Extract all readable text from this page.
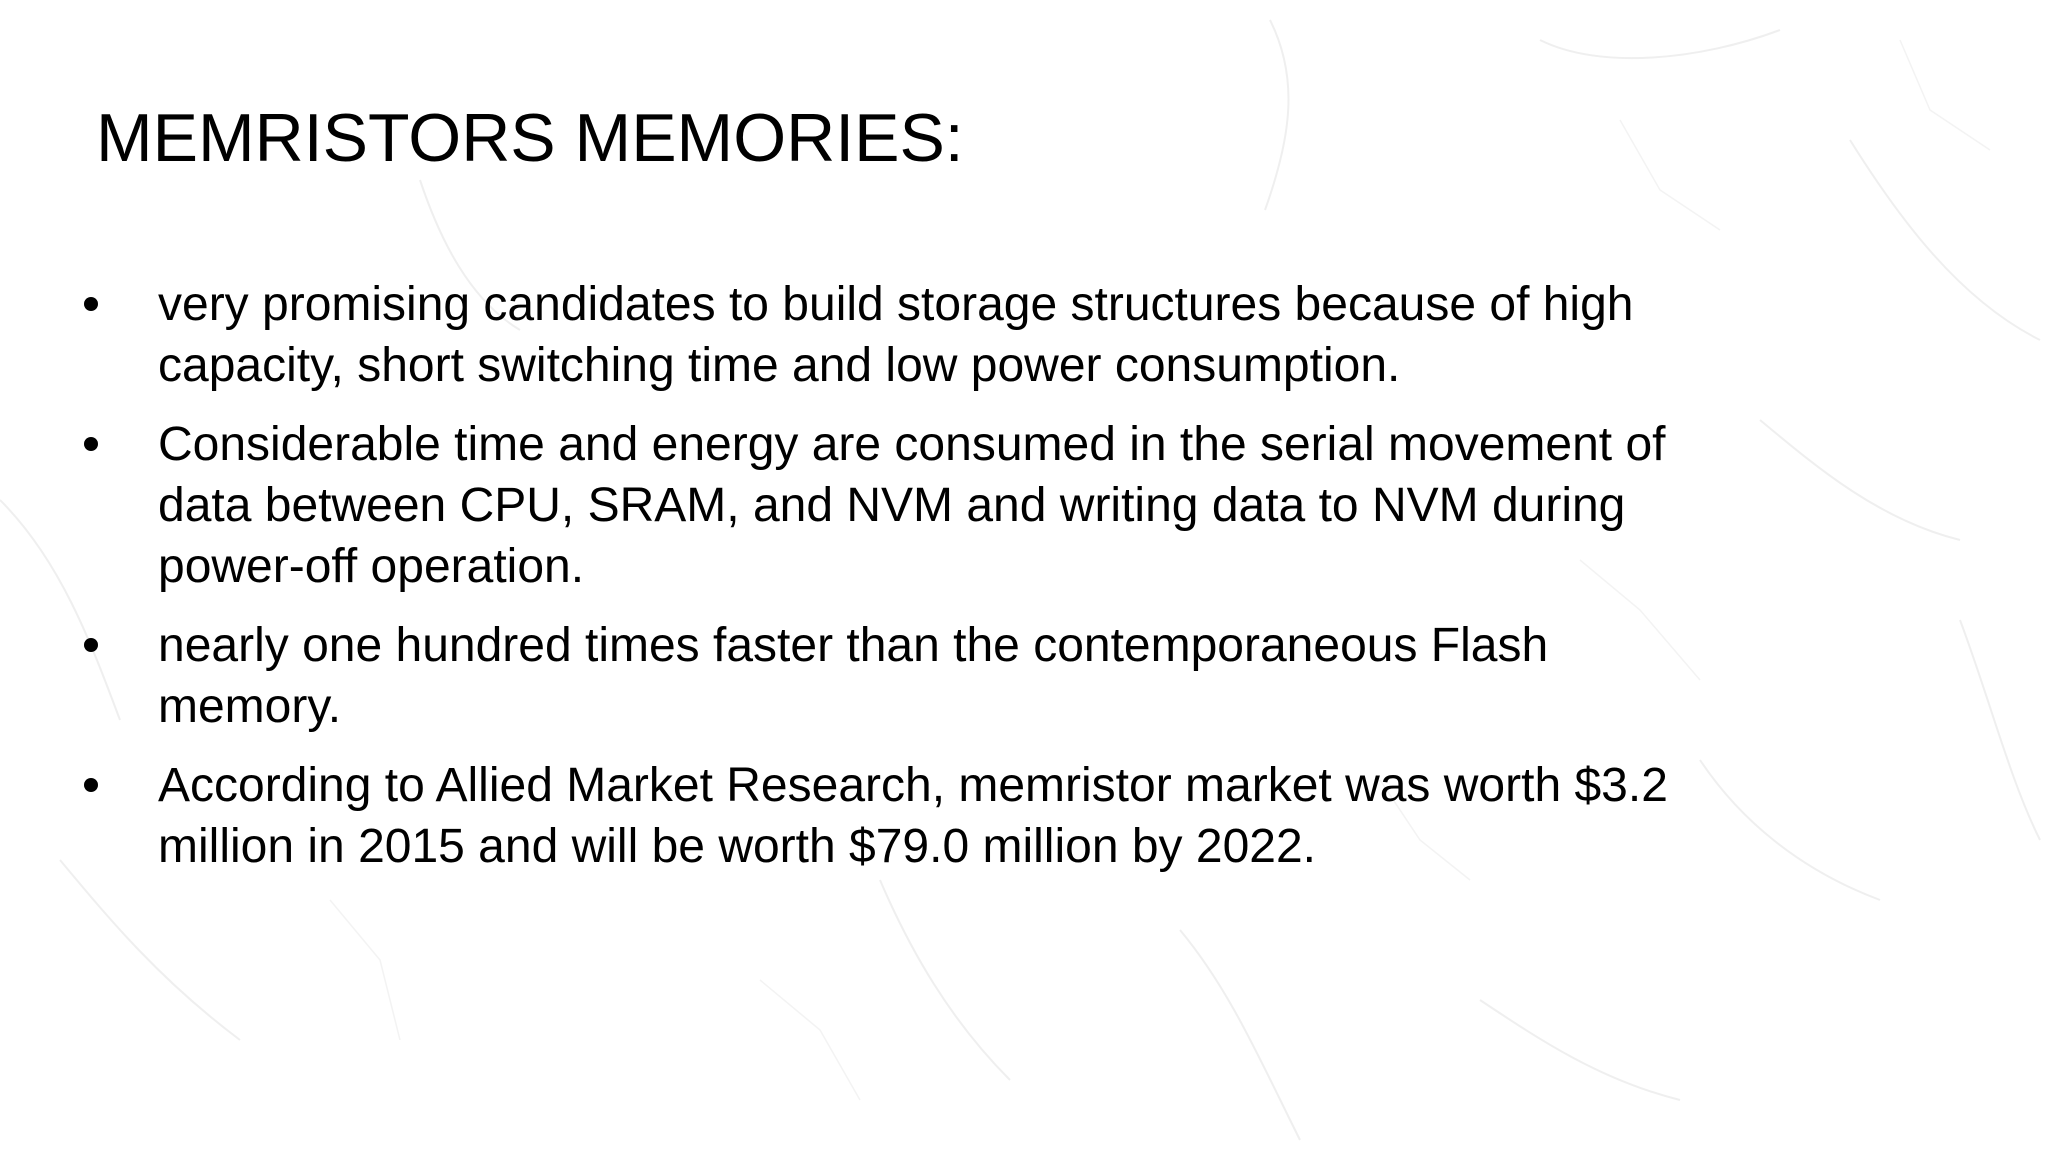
MEMRISTORS MEMORIES:
very promising candidates to build storage structures because of high capacity, short switching time and low power consumption.
Considerable time and energy are consumed in the serial movement of data between CPU, SRAM, and NVM and writing data to NVM during power-off operation.
nearly one hundred times faster than the contemporaneous Flash memory.
According to Allied Market Research, memristor market was worth $3.2 million in 2015 and will be worth $79.0 million by 2022.
